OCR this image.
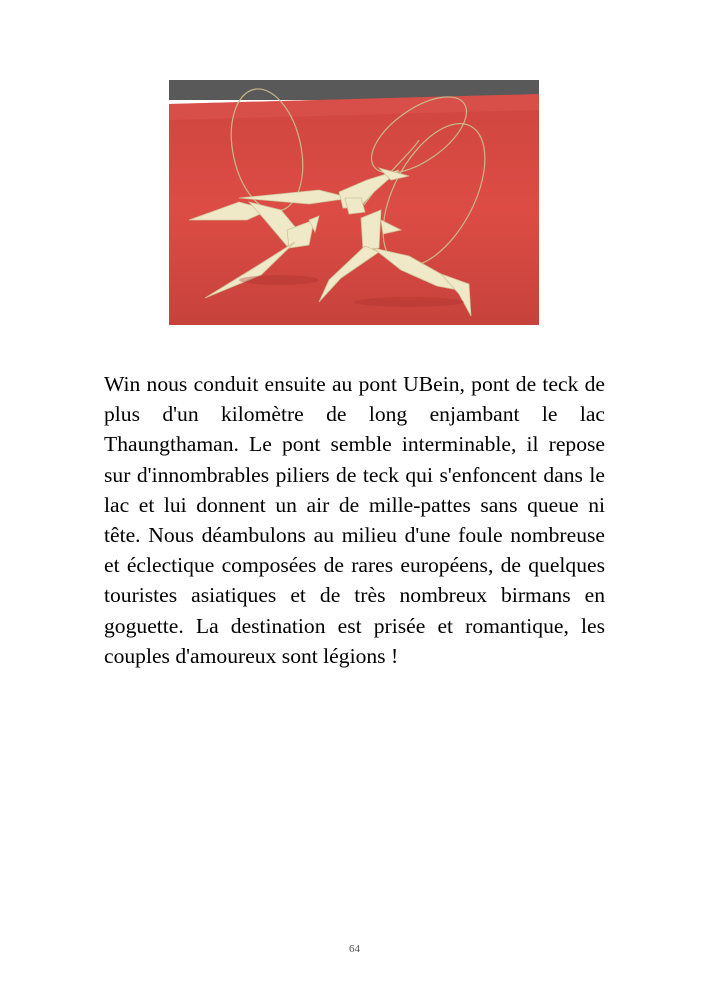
Win nous conduit ensuite au pont UBein, pont de teck de plus d'un kilomètre de long enjambant le lac Thaungthaman. Le pont semble interminable, il repose sur d'innombrables piliers de teck qui s'enfoncent dans le lac et lui donnent un air de mille-pattes sans queue ni tête. Nous déambulons au milieu d'une foule nombreuse et éclectique composées de rares européens, de quelques touristes asiatiques et de très nombreux birmans en goguette. La destination est prisée et romantique, les couples d'amoureux sont légions !

64
